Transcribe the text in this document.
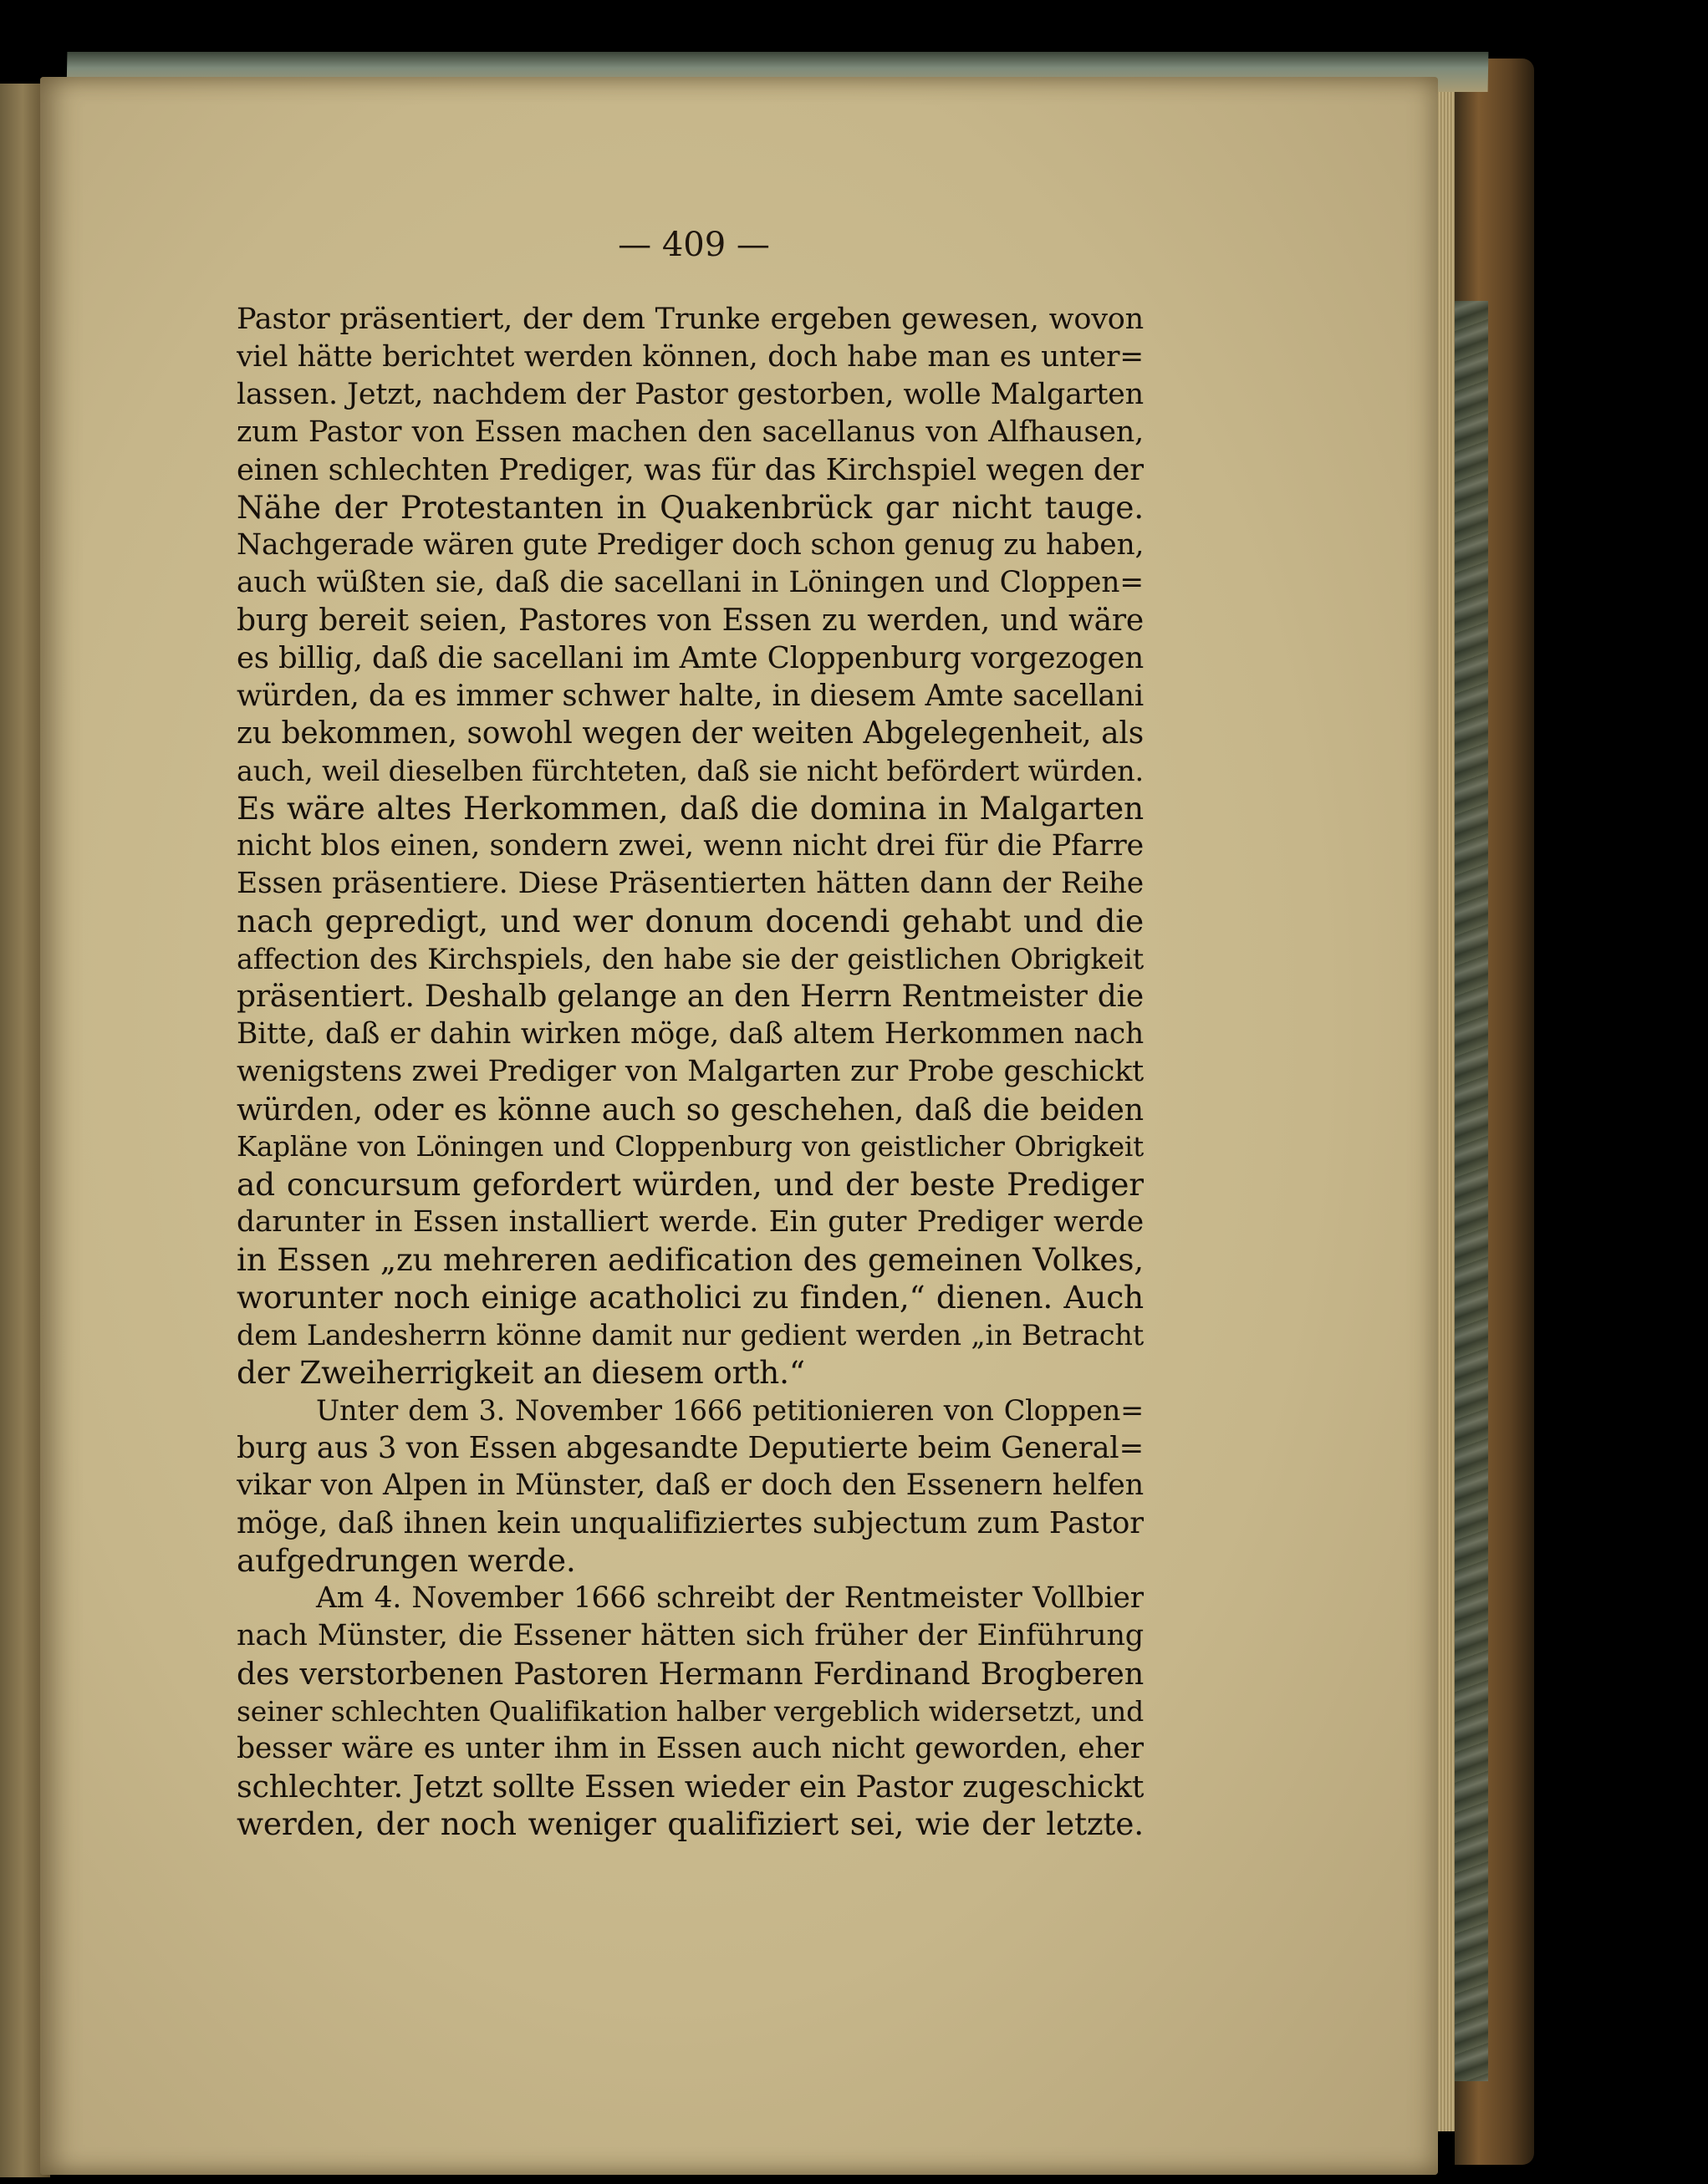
— 409 —
Pastor präsentiert, der dem Trunke ergeben gewesen, wovon
viel hätte berichtet werden können, doch habe man es unter=
lassen. Jetzt, nachdem der Pastor gestorben, wolle Malgarten
zum Pastor von Essen machen den sacellanus von Alfhausen,
einen schlechten Prediger, was für das Kirchspiel wegen der
Nähe der Protestanten in Quakenbrück gar nicht tauge.
Nachgerade wären gute Prediger doch schon genug zu haben,
auch wüßten sie, daß die sacellani in Löningen und Cloppen=
burg bereit seien, Pastores von Essen zu werden, und wäre
es billig, daß die sacellani im Amte Cloppenburg vorgezogen
würden, da es immer schwer halte, in diesem Amte sacellani
zu bekommen, sowohl wegen der weiten Abgelegenheit, als
auch, weil dieselben fürchteten, daß sie nicht befördert würden.
Es wäre altes Herkommen, daß die domina in Malgarten
nicht blos einen, sondern zwei, wenn nicht drei für die Pfarre
Essen präsentiere. Diese Präsentierten hätten dann der Reihe
nach gepredigt, und wer donum docendi gehabt und die
affection des Kirchspiels, den habe sie der geistlichen Obrigkeit
präsentiert. Deshalb gelange an den Herrn Rentmeister die
Bitte, daß er dahin wirken möge, daß altem Herkommen nach
wenigstens zwei Prediger von Malgarten zur Probe geschickt
würden, oder es könne auch so geschehen, daß die beiden
Kapläne von Löningen und Cloppenburg von geistlicher Obrigkeit
ad concursum gefordert würden, und der beste Prediger
darunter in Essen installiert werde. Ein guter Prediger werde
in Essen „zu mehreren aedification des gemeinen Volkes,
worunter noch einige acatholici zu finden,“ dienen. Auch
dem Landesherrn könne damit nur gedient werden „in Betracht
der Zweiherrigkeit an diesem orth.“
Unter dem 3. November 1666 petitionieren von Cloppen=
burg aus 3 von Essen abgesandte Deputierte beim General=
vikar von Alpen in Münster, daß er doch den Essenern helfen
möge, daß ihnen kein unqualifiziertes subjectum zum Pastor
aufgedrungen werde.
Am 4. November 1666 schreibt der Rentmeister Vollbier
nach Münster, die Essener hätten sich früher der Einführung
des verstorbenen Pastoren Hermann Ferdinand Brogberen
seiner schlechten Qualifikation halber vergeblich widersetzt, und
besser wäre es unter ihm in Essen auch nicht geworden, eher
schlechter. Jetzt sollte Essen wieder ein Pastor zugeschickt
werden, der noch weniger qualifiziert sei, wie der letzte.
